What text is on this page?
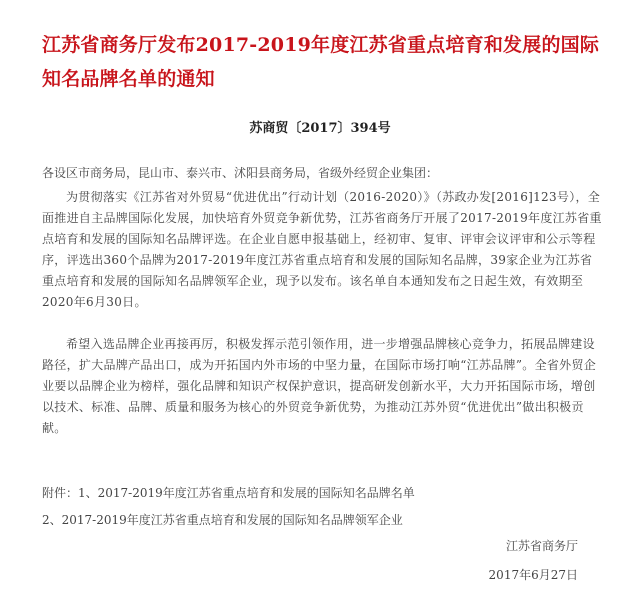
江苏省商务厅发布2017-2019年度江苏省重点培育和发展的国际知名品牌名单的通知
苏商贸〔2017〕394号
各设区市商务局，昆山市、泰兴市、沭阳县商务局，省级外经贸企业集团：

为贯彻落实《江苏省对外贸易“优进优出”行动计划（2016-2020）》（苏政办发[2016]123号），全面推进自主品牌国际化发展，加快培育外贸竞争新优势，江苏省商务厅开展了2017-2019年度江苏省重点培育和发展的国际知名品牌评选。在企业自愿申报基础上，经初审、复审、评审会议评审和公示等程序，评选出360个品牌为2017-2019年度江苏省重点培育和发展的国际知名品牌，39家企业为江苏省重点培育和发展的国际知名品牌领军企业，现予以发布。该名单自本通知发布之日起生效，有效期至2020年6月30日。

希望入选品牌企业再接再厉，积极发挥示范引领作用，进一步增强品牌核心竞争力，拓展品牌建设路径，扩大品牌产品出口，成为开拓国内外市场的中坚力量，在国际市场打响“江苏品牌”。全省外贸企业要以品牌企业为榜样，强化品牌和知识产权保护意识，提高研发创新水平，大力开拓国际市场，增创以技术、标准、品牌、质量和服务为核心的外贸竞争新优势，为推动江苏外贸“优进优出”做出积极贡献。

附件：1、2017-2019年度江苏省重点培育和发展的国际知名品牌名单
2、2017-2019年度江苏省重点培育和发展的国际知名品牌领军企业
江苏省商务厅
2017年6月27日
